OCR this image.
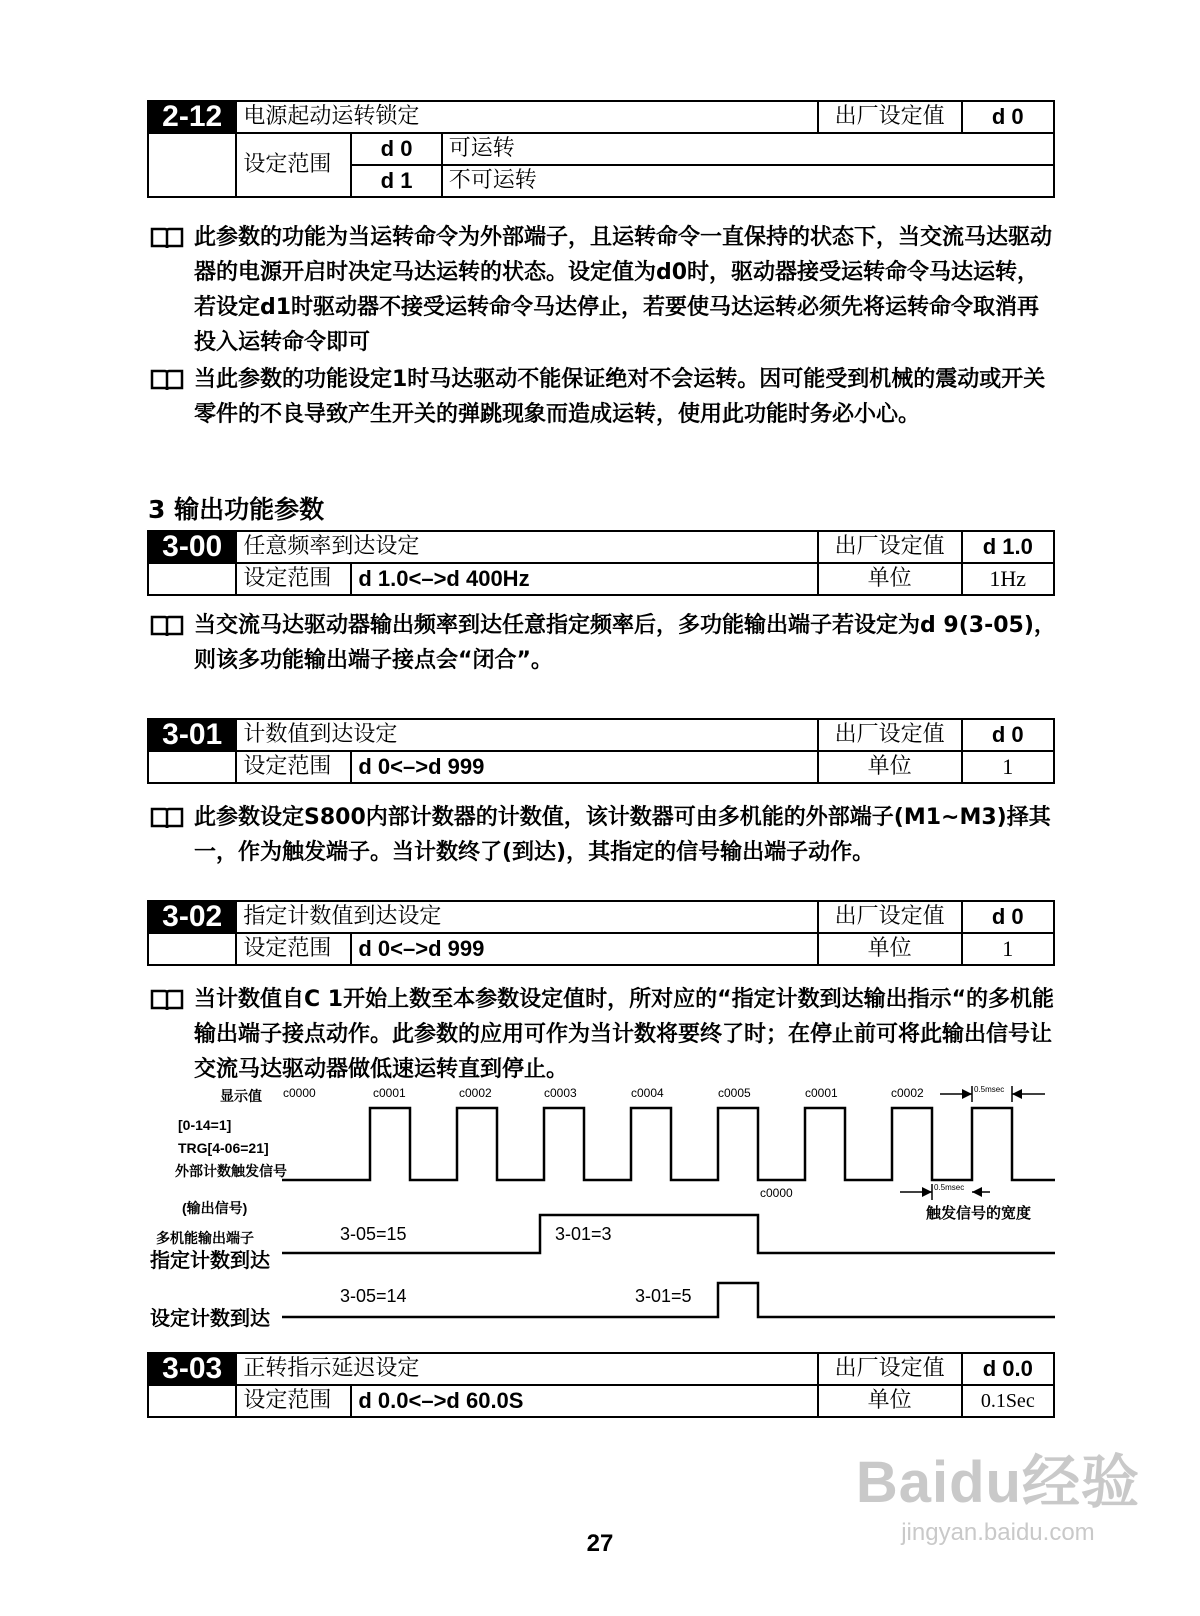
2-12	电源起动运转锁定			出厂设定值	d 0
	设定范围	d 0	可运转		
		d 1	不可运转		

此参数的功能为当运转命令为外部端子，且运转命令一直保持的状态下，当交流马达驱动器的电源开启时决定马达运转的状态。设定值为d0时，驱动器接受运转命令马达运转，若设定d1时驱动器不接受运转命令马达停止，若要使马达运转必须先将运转命令取消再投入运转命令即可

当此参数的功能设定1时马达驱动不能保证绝对不会运转。因可能受到机械的震动或开关零件的不良导致产生开关的弹跳现象而造成运转，使用此功能时务必小心。

3 输出功能参数
3-00	任意频率到达设定		出厂设定值	d 1.0
	设定范围	d 1.0<–>d 400Hz	单位	1Hz

当交流马达驱动器输出频率到达任意指定频率后，多功能输出端子若设定为d 9(3-05)，则该多功能输出端子接点会“闭合”。

3-01	计数值到达设定		出厂设定值	d 0
	设定范围	d 0<–>d 999	单位	1

此参数设定S800内部计数器的计数值，该计数器可由多机能的外部端子(M1~M3)择其一，作为触发端子。当计数终了(到达)，其指定的信号输出端子动作。

3-02	指定计数值到达设定		出厂设定值	d 0
	设定范围	d 0<–>d 999	单位	1

当计数值自C 1开始上数至本参数设定值时，所对应的“指定计数到达输出指示“的多机能输出端子接点动作。此参数的应用可作为当计数将要终了时；在停止前可将此输出信号让交流马达驱动器做低速运转直到停止。

显示值
[0-14=1]
TRG[4-06=21]
外部计数触发信号
c0000	c0001	c0002	c0003	c0004	c0005	c0001	c0002
c0000
0.5msec
0.5msec
触发信号的宽度
(输出信号)
多机能输出端子
指定计数到达
3-05=15	3-01=3
设定计数到达
3-05=14	3-01=5
3-03	正转指示延迟设定		出厂设定值	d 0.0
	设定范围	d 0.0<–>d 60.0S	单位	0.1Sec
Baidu经验
jingyan.baidu.com
27
